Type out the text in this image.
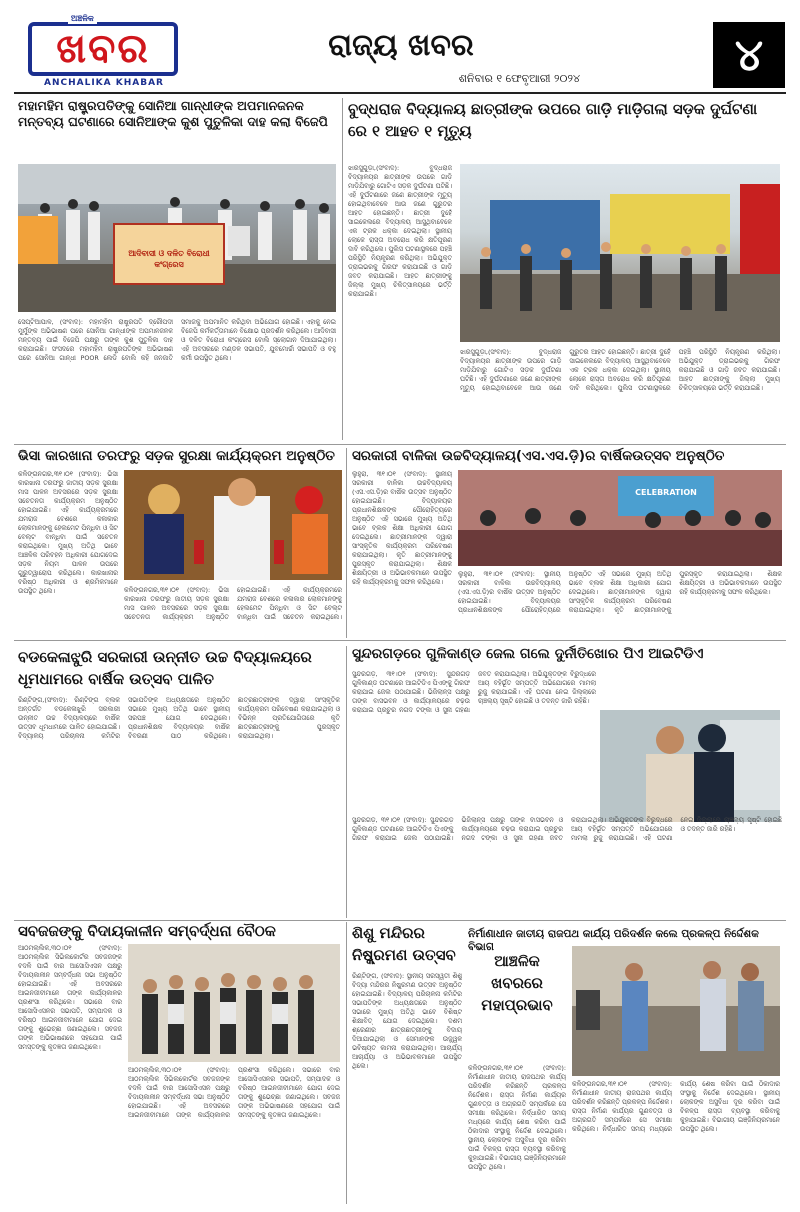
ଖବର
ଅଞ୍ଚଳିକ
ANCHALIKA KHABAR
ରାଜ୍ୟ ଖବର
ଶନିବାର ୧ ଫେବୃଆରୀ ୨୦୨୪	୪
ମହାମହିମ ରାଷ୍ଟ୍ରପତିଙ୍କୁ ସୋନିଆ ଗାନ୍ଧୀଙ୍କ ଅପମାନଜନକ ମନ୍ତବ୍ୟ ଘଟଣାରେ ସୋନିଆଙ୍କ କୁଶ ପୁତୁଳିକା ଦାହ କଲା ବିଜେପି
ଆଦିବାସୀ ଓ ଦଳିତ ବିରୋଧୀ କଂଗ୍ରେସ
ସେପ୍ଟିଆପାଳ, (ସଂବାଦ): ମହାମହିମ ରାଷ୍ଟ୍ରପତି ଦ୍ରୌପଦୀ ମୁର୍ମୁଙ୍କ ଅଭିଭାଷଣ ପରେ ସୋନିଆ ଗାନ୍ଧୀଙ୍କ ଅପମାନଜନକ ମନ୍ତବ୍ୟ ପାଇଁ ବିଜେପି ପକ୍ଷରୁ ତାଙ୍କ କୁଶ ପୁତୁଳିକା ଦାହ କରାଯାଇଛି। ସଂସଦରେ ମହାମହିମ ରାଷ୍ଟ୍ରପତିଙ୍କ ଅଭିଭାଷଣ ପରେ ସୋନିଆ ଗାନ୍ଧୀ POOR ଲେଡି ବୋଲି କହି ଜନଜାତି ସମାଜକୁ ଅପମାନିତ କରିଥିବା ଅଭିଯୋଗ ହୋଇଛି। ଏହାକୁ ନେଇ ବିଜେପି କର୍ମକର୍ତ୍ତାମାନେ ବିକ୍ଷୋଭ ପ୍ରଦର୍ଶନ କରିଥିଲେ। ଆଦିବାସୀ ଓ ଦଳିତ ବିରୋଧୀ କଂଗ୍ରେସ ବୋଲି ସ୍ଲୋଗାନ ଦିଆଯାଇଥିଲା। ଏହି ଅବସରରେ ମଣ୍ଡଳ ସଭାପତି, ଯୁବମୋର୍ଚ୍ଚା ସଭାପତି ଓ ବହୁ କର୍ମୀ ଉପସ୍ଥିତ ଥିଲେ।
ବୁଦ୍ଧରାଜ ବିଦ୍ୟାଳୟ ଛାତ୍ରୀଙ୍କ ଉପରେ ଗାଡ଼ି ମାଡ଼ିଗଲା ସଡ଼କ ଦୁର୍ଘଟଣା ରେ ୧ ଆହତ ୧ ମୃତ୍ୟୁ
ଝାରସୁଗୁଡ଼ା,(ସଂବାଦ): ବୁଦ୍ଧରାଜ ବିଦ୍ୟାଳୟର ଛାତ୍ରୀଙ୍କ ଉପରେ ଗାଡ଼ି ମାଡ଼ିଯିବାରୁ ଗୋଟିଏ ସଡ଼କ ଦୁର୍ଘଟଣା ଘଟିଛି। ଏହି ଦୁର୍ଘଟଣାରେ ଜଣେ ଛାତ୍ରୀଙ୍କ ମୃତ୍ୟୁ ହୋଇଥିବାବେଳେ ଆଉ ଜଣେ ଗୁରୁତର ଆହତ ହୋଇଛନ୍ତି। ଛାତ୍ରୀ ଦୁହେଁ ସାଇକେଲରେ ବିଦ୍ୟାଳୟ ଆସୁଥିବାବେଳେ ଏକ ଟ୍ରକ ଧକ୍କା ଦେଇଥିଲା। ସ୍ଥାନୀୟ ଲୋକେ ରାସ୍ତା ଅବରୋଧ କରି କ୍ଷତିପୂରଣ ଦାବି କରିଥିଲେ। ପୁଲିସ ଘଟଣାସ୍ଥଳରେ ପହଞ୍ଚି ପରିସ୍ଥିତି ନିୟନ୍ତ୍ରଣ କରିଥିଲା। ଅଭିଯୁକ୍ତ ଡ୍ରାଇଭରକୁ ଗିରଫ କରାଯାଇଛି ଓ ଗାଡ଼ି ଜବତ କରାଯାଇଛି। ଆହତ ଛାତ୍ରୀଙ୍କୁ ଜିଲ୍ଲା ମୁଖ୍ୟ ଚିକିତ୍ସାଳୟରେ ଭର୍ତ୍ତି କରାଯାଇଛି।
ଝାରସୁଗୁଡ଼ା,(ସଂବାଦ): ବୁଦ୍ଧରାଜ ବିଦ୍ୟାଳୟର ଛାତ୍ରୀଙ୍କ ଉପରେ ଗାଡ଼ି ମାଡ଼ିଯିବାରୁ ଗୋଟିଏ ସଡ଼କ ଦୁର୍ଘଟଣା ଘଟିଛି। ଏହି ଦୁର୍ଘଟଣାରେ ଜଣେ ଛାତ୍ରୀଙ୍କ ମୃତ୍ୟୁ ହୋଇଥିବାବେଳେ ଆଉ ଜଣେ ଗୁରୁତର ଆହତ ହୋଇଛନ୍ତି। ଛାତ୍ରୀ ଦୁହେଁ ସାଇକେଲରେ ବିଦ୍ୟାଳୟ ଆସୁଥିବାବେଳେ ଏକ ଟ୍ରକ ଧକ୍କା ଦେଇଥିଲା। ସ୍ଥାନୀୟ ଲୋକେ ରାସ୍ତା ଅବରୋଧ କରି କ୍ଷତିପୂରଣ ଦାବି କରିଥିଲେ। ପୁଲିସ ଘଟଣାସ୍ଥଳରେ ପହଞ୍ଚି ପରିସ୍ଥିତି ନିୟନ୍ତ୍ରଣ କରିଥିଲା। ଅଭିଯୁକ୍ତ ଡ୍ରାଇଭରକୁ ଗିରଫ କରାଯାଇଛି ଓ ଗାଡ଼ି ଜବତ କରାଯାଇଛି। ଆହତ ଛାତ୍ରୀଙ୍କୁ ଜିଲ୍ଲା ମୁଖ୍ୟ ଚିକିତ୍ସାଳୟରେ ଭର୍ତ୍ତି କରାଯାଇଛି।
ଭିସା କାରଖାନା ତରଫରୁ ସଡ଼କ ସୁରକ୍ଷା କାର୍ଯ୍ୟକ୍ରମ ଅନୁଷ୍ଠିତ
କଳିଙ୍ଗନଗର,୩୧।୦୧ (ସଂବାଦ): ଭିସା କାରଖାନା ତରଫରୁ ଜାତୀୟ ସଡ଼କ ସୁରକ୍ଷା ମାସ ପାଳନ ଅବସରରେ ସଡ଼କ ସୁରକ୍ଷା ସଚେତନତା କାର୍ଯ୍ୟକ୍ରମ ଅନୁଷ୍ଠିତ ହୋଇଯାଇଛି। ଏହି କାର୍ଯ୍ୟକ୍ରମରେ ଯମରାଜ ବେଶରେ କଳାକାର ଲୋକମାନଙ୍କୁ ହେଲମେଟ ପିନ୍ଧିବା ଓ ସିଟ ବେଲ୍ଟ ବାନ୍ଧିବା ପାଇଁ ସଚେତନ କରାଇଥିଲେ। ମୁଖ୍ୟ ଅତିଥି ଭାବେ ଆଞ୍ଚଳିକ ପରିବହନ ଅଧିକାରୀ ଯୋଗଦେଇ ସଡ଼କ ନିୟମ ପାଳନ ଉପରେ ଗୁରୁତ୍ୱାରୋପ କରିଥିଲେ। କାରଖାନାର ବରିଷ୍ଠ ଅଧିକାରୀ ଓ ଶ୍ରମିକମାନେ ଉପସ୍ଥିତ ଥିଲେ।	କଳିଙ୍ଗନଗର,୩୧।୦୧ (ସଂବାଦ): ଭିସା କାରଖାନା ତରଫରୁ ଜାତୀୟ ସଡ଼କ ସୁରକ୍ଷା ମାସ ପାଳନ ଅବସରରେ ସଡ଼କ ସୁରକ୍ଷା ସଚେତନତା କାର୍ଯ୍ୟକ୍ରମ ଅନୁଷ୍ଠିତ ହୋଇଯାଇଛି। ଏହି କାର୍ଯ୍ୟକ୍ରମରେ ଯମରାଜ ବେଶରେ କଳାକାର ଲୋକମାନଙ୍କୁ ହେଲମେଟ ପିନ୍ଧିବା ଓ ସିଟ ବେଲ୍ଟ ବାନ୍ଧିବା ପାଇଁ ସଚେତନ କରାଇଥିଲେ।
ସରକାରୀ ବାଳିକା ଉଚ୍ଚବିଦ୍ୟାଳୟ(ଏସ.ଏସ.ଡ଼ି)ର ବାର୍ଷିକଉତ୍ସବ ଅନୁଷ୍ଠିତ
ଲୁହୁରା, ୩୧।୦୧ (ସଂବାଦ): ସ୍ଥାନୀୟ ସରକାରୀ ବାଳିକା ଉଚ୍ଚବିଦ୍ୟାଳୟ (ଏସ.ଏସ.ଡ଼ି)ର ବାର୍ଷିକ ଉତ୍ସବ ଅନୁଷ୍ଠିତ ହୋଇଯାଇଛି। ବିଦ୍ୟାଳୟର ପ୍ରଧାନଶିକ୍ଷକଙ୍କ ପୌରୋହିତ୍ୟରେ ଅନୁଷ୍ଠିତ ଏହି ସଭାରେ ମୁଖ୍ୟ ଅତିଥି ଭାବେ ବ୍ଲକ ଶିକ୍ଷା ଅଧିକାରୀ ଯୋଗ ଦେଇଥିଲେ। ଛାତ୍ରୀମାନଙ୍କ ଦ୍ୱାରା ସାଂସ୍କୃତିକ କାର୍ଯ୍ୟକ୍ରମ ପରିବେଷଣ କରାଯାଇଥିଲା। କୃତି ଛାତ୍ରୀମାନଙ୍କୁ ପୁରସ୍କୃତ କରାଯାଇଥିଲା। ଶିକ୍ଷକ ଶିକ୍ଷୟିତ୍ରୀ ଓ ଅଭିଭାବକମାନେ ଉପସ୍ଥିତ ରହି କାର୍ଯ୍ୟକ୍ରମକୁ ସଫଳ କରିଥିଲେ।
CELEBRATION
ଲୁହୁରା, ୩୧।୦୧ (ସଂବାଦ): ସ୍ଥାନୀୟ ସରକାରୀ ବାଳିକା ଉଚ୍ଚବିଦ୍ୟାଳୟ (ଏସ.ଏସ.ଡ଼ି)ର ବାର୍ଷିକ ଉତ୍ସବ ଅନୁଷ୍ଠିତ ହୋଇଯାଇଛି। ବିଦ୍ୟାଳୟର ପ୍ରଧାନଶିକ୍ଷକଙ୍କ ପୌରୋହିତ୍ୟରେ ଅନୁଷ୍ଠିତ ଏହି ସଭାରେ ମୁଖ୍ୟ ଅତିଥି ଭାବେ ବ୍ଲକ ଶିକ୍ଷା ଅଧିକାରୀ ଯୋଗ ଦେଇଥିଲେ। ଛାତ୍ରୀମାନଙ୍କ ଦ୍ୱାରା ସାଂସ୍କୃତିକ କାର୍ଯ୍ୟକ୍ରମ ପରିବେଷଣ କରାଯାଇଥିଲା। କୃତି ଛାତ୍ରୀମାନଙ୍କୁ ପୁରସ୍କୃତ କରାଯାଇଥିଲା। ଶିକ୍ଷକ ଶିକ୍ଷୟିତ୍ରୀ ଓ ଅଭିଭାବକମାନେ ଉପସ୍ଥିତ ରହି କାର୍ଯ୍ୟକ୍ରମକୁ ସଫଳ କରିଥିଲେ।
ବଡକେଳାଝୁରି ସରକାରୀ ଉନ୍ନୀତ ଉଚ୍ଚ ବିଦ୍ୟାଳୟରେ ଧୂମଧାମରେ ବାର୍ଷିକ ଉତ୍ସବ ପାଳିତ
ରିଣ୍ଟିଙ୍ଗ,(ସଂବାଦ): ରିଣ୍ଟିଙ୍ଗ ବ୍ଲକ ଅନ୍ତର୍ଗତ ବଡକେଳାଝୁରି ସରକାରୀ ଉନ୍ନୀତ ଉଚ୍ଚ ବିଦ୍ୟାଳୟରେ ବାର୍ଷିକ ଉତ୍ସବ ଧୂମଧାମରେ ପାଳିତ ହୋଇଯାଇଛି। ବିଦ୍ୟାଳୟ ପରିଚାଳନା କମିଟିର ସଭାପତିଙ୍କ ଅଧ୍ୟକ୍ଷତାରେ ଅନୁଷ୍ଠିତ ସଭାରେ ମୁଖ୍ୟ ଅତିଥି ଭାବେ ସ୍ଥାନୀୟ ସରପଞ୍ଚ ଯୋଗ ଦେଇଥିଲେ। ପ୍ରଧାନଶିକ୍ଷକ ବିଦ୍ୟାଳୟର ବାର୍ଷିକ ବିବରଣୀ ପାଠ କରିଥିଲେ। ଛାତ୍ରଛାତ୍ରୀଙ୍କ ଦ୍ୱାରା ସାଂସ୍କୃତିକ କାର୍ଯ୍ୟକ୍ରମ ପରିବେଷଣ କରାଯାଇଥିଲା ଓ ବିଭିନ୍ନ ପ୍ରତିଯୋଗିତାରେ କୃତି ଛାତ୍ରଛାତ୍ରୀଙ୍କୁ ପୁରସ୍କୃତ କରାଯାଇଥିଲା।
ସୁନ୍ଦରଗଡ଼ରେ ଗୁଳିକାଣ୍ଡ ଜେଲ ଗଲେ ଦୁର୍ନୀତିଖୋର ପିଏ ଆଇଟିଡିଏ
ସୁନ୍ଦରଗଡ଼, ୩୧।୦୧ (ସଂବାଦ): ସୁନ୍ଦରଗଡ଼ ଗୁଳିକାଣ୍ଡ ଘଟଣାରେ ଆଇଟିଡିଏ ପିଏଙ୍କୁ ଗିରଫ କରାଯାଇ ଜେଲ ପଠାଯାଇଛି। ଭିଜିଲାନ୍ସ ପକ୍ଷରୁ ତାଙ୍କ ବାସଭବନ ଓ କାର୍ଯ୍ୟାଳୟରେ ଚଢ଼ଉ କରାଯାଇ ପ୍ରଚୁର ନଗଦ ଟଙ୍କା ଓ ସୁନା ଗହଣା ଜବତ କରାଯାଇଥିଲା। ଅଭିଯୁକ୍ତଙ୍କ ବିରୁଦ୍ଧରେ ଆୟ ବହିର୍ଭୂତ ସମ୍ପତ୍ତି ଅଭିଯୋଗରେ ମାମଲା ରୁଜୁ କରାଯାଇଛି। ଏହି ଘଟଣା ନେଇ ଜିଲ୍ଲାରେ ଚାଞ୍ଚଲ୍ୟ ସୃଷ୍ଟି ହୋଇଛି ଓ ତଦନ୍ତ ଜାରି ରହିଛି।
ସୁନ୍ଦରଗଡ଼, ୩୧।୦୧ (ସଂବାଦ): ସୁନ୍ଦରଗଡ଼ ଗୁଳିକାଣ୍ଡ ଘଟଣାରେ ଆଇଟିଡିଏ ପିଏଙ୍କୁ ଗିରଫ କରାଯାଇ ଜେଲ ପଠାଯାଇଛି। ଭିଜିଲାନ୍ସ ପକ୍ଷରୁ ତାଙ୍କ ବାସଭବନ ଓ କାର୍ଯ୍ୟାଳୟରେ ଚଢ଼ଉ କରାଯାଇ ପ୍ରଚୁର ନଗଦ ଟଙ୍କା ଓ ସୁନା ଗହଣା ଜବତ କରାଯାଇଥିଲା। ଅଭିଯୁକ୍ତଙ୍କ ବିରୁଦ୍ଧରେ ଆୟ ବହିର୍ଭୂତ ସମ୍ପତ୍ତି ଅଭିଯୋଗରେ ମାମଲା ରୁଜୁ କରାଯାଇଛି। ଏହି ଘଟଣା ନେଇ ଜିଲ୍ଲାରେ ଚାଞ୍ଚଲ୍ୟ ସୃଷ୍ଟି ହୋଇଛି ଓ ତଦନ୍ତ ଜାରି ରହିଛି।
ସବଜଜଙ୍କୁ ବିଦାୟକାଳୀନ ସମ୍ବର୍ଦ୍ଧନା ବୈଠକ
ଆଠମଲ୍ଲିକ,୩୦।୦୧ (ସଂବାଦ): ଆଠମଲ୍ଲିକ ସିଭିଲକୋର୍ଟର ସବଜଜଙ୍କ ବଦଳି ପାଇଁ ବାର ଆସୋସିଏସନ ପକ୍ଷରୁ ବିଦାୟକାଳୀନ ସମ୍ବର୍ଦ୍ଧନା ସଭା ଅନୁଷ୍ଠିତ ହୋଇଯାଇଛି। ଏହି ଅବସରରେ ଆଇନଜୀବୀମାନେ ତାଙ୍କ କାର୍ଯ୍ୟକାଳର ପ୍ରଶଂସା କରିଥିଲେ। ସଭାରେ ବାର ଆସୋସିଏସନର ସଭାପତି, ସମ୍ପାଦକ ଓ ବରିଷ୍ଠ ଆଇନଜୀବୀମାନେ ଯୋଗ ଦେଇ ତାଙ୍କୁ ଶୁଭେଚ୍ଛା ଜଣାଇଥିଲେ। ସବଜଜ ତାଙ୍କ ଅଭିଭାଷଣରେ ସହଯୋଗ ପାଇଁ ସମସ୍ତଙ୍କୁ କୃତଜ୍ଞତା ଜଣାଇଥିଲେ।
ଆଠମଲ୍ଲିକ,୩୦।୦୧ (ସଂବାଦ): ଆଠମଲ୍ଲିକ ସିଭିଲକୋର୍ଟର ସବଜଜଙ୍କ ବଦଳି ପାଇଁ ବାର ଆସୋସିଏସନ ପକ୍ଷରୁ ବିଦାୟକାଳୀନ ସମ୍ବର୍ଦ୍ଧନା ସଭା ଅନୁଷ୍ଠିତ ହୋଇଯାଇଛି। ଏହି ଅବସରରେ ଆଇନଜୀବୀମାନେ ତାଙ୍କ କାର୍ଯ୍ୟକାଳର ପ୍ରଶଂସା କରିଥିଲେ। ସଭାରେ ବାର ଆସୋସିଏସନର ସଭାପତି, ସମ୍ପାଦକ ଓ ବରିଷ୍ଠ ଆଇନଜୀବୀମାନେ ଯୋଗ ଦେଇ ତାଙ୍କୁ ଶୁଭେଚ୍ଛା ଜଣାଇଥିଲେ। ସବଜଜ ତାଙ୍କ ଅଭିଭାଷଣରେ ସହଯୋଗ ପାଇଁ ସମସ୍ତଙ୍କୁ କୃତଜ୍ଞତା ଜଣାଇଥିଲେ।
ଶିଶୁ ମନ୍ଦିରର ନିଷ୍କ୍ରମଣ ଉତ୍ସବ
ରିଣ୍ଟିଙ୍ଗ, (ସଂବାଦ): ସ୍ଥାନୀୟ ସରସ୍ୱତୀ ଶିଶୁ ବିଦ୍ୟା ମନ୍ଦିରର ନିଷ୍କ୍ରମଣ ଉତ୍ସବ ଅନୁଷ୍ଠିତ ହୋଇଯାଇଛି। ବିଦ୍ୟାଳୟ ପରିଚାଳନା କମିଟିର ସଭାପତିଙ୍କ ଅଧ୍ୟକ୍ଷତାରେ ଅନୁଷ୍ଠିତ ସଭାରେ ମୁଖ୍ୟ ଅତିଥି ଭାବେ ବିଶିଷ୍ଟ ଶିକ୍ଷାବିତ୍ ଯୋଗ ଦେଇଥିଲେ। ଦଶମ ଶ୍ରେଣୀର ଛାତ୍ରଛାତ୍ରୀଙ୍କୁ ବିଦାୟ ଦିଆଯାଇଥିଲା ଓ ସେମାନଙ୍କ ଉଜ୍ଜ୍ୱଳ ଭବିଷ୍ୟତ କାମନା କରାଯାଇଥିଲା। ଆଚାର୍ଯ୍ୟ ଆଚାର୍ଯ୍ୟା ଓ ଅଭିଭାବକମାନେ ଉପସ୍ଥିତ ଥିଲେ।
ନିର୍ମାଣାଧୀନ ଜାତୀୟ ରାଜପଥ କାର୍ଯ୍ୟ ପରିଦର୍ଶନ କଲେ ପ୍ରକଳ୍ପ ନିର୍ଦ୍ଦେଶକ ବିଭାଗ
ଆଞ୍ଚଳିକ
ଖବରରେ
ମହାପ୍ରଭାବ
କଳିଙ୍ଗନଗର,୩୧।୦୧ (ସଂବାଦ): ନିର୍ମାଣାଧୀନ ଜାତୀୟ ରାଜପଥର କାର୍ଯ୍ୟ ପରିଦର୍ଶନ କରିଛନ୍ତି ପ୍ରକଳ୍ପ ନିର୍ଦ୍ଦେଶକ। ରାସ୍ତା ନିର୍ମାଣ କାର୍ଯ୍ୟର ଗୁଣବତ୍ତା ଓ ଅଗ୍ରଗତି ସମ୍ପର୍କରେ ସେ ସମୀକ୍ଷା କରିଥିଲେ। ନିର୍ଦ୍ଧାରିତ ସମୟ ମଧ୍ୟରେ କାର୍ଯ୍ୟ ଶେଷ କରିବା ପାଇଁ ଠିକାଦାର ସଂସ୍ଥାକୁ ନିର୍ଦ୍ଦେଶ ଦେଇଥିଲେ। ସ୍ଥାନୀୟ ଲୋକଙ୍କ ଅସୁବିଧା ଦୂର କରିବା ପାଇଁ ବିକଳ୍ପ ରାସ୍ତା ବ୍ୟବସ୍ଥା କରିବାକୁ କୁହାଯାଇଛି। ବିଭାଗୀୟ ଇଞ୍ଜିନିୟରମାନେ ଉପସ୍ଥିତ ଥିଲେ।
କଳିଙ୍ଗନଗର,୩୧।୦୧ (ସଂବାଦ): ନିର୍ମାଣାଧୀନ ଜାତୀୟ ରାଜପଥର କାର୍ଯ୍ୟ ପରିଦର୍ଶନ କରିଛନ୍ତି ପ୍ରକଳ୍ପ ନିର୍ଦ୍ଦେଶକ। ରାସ୍ତା ନିର୍ମାଣ କାର୍ଯ୍ୟର ଗୁଣବତ୍ତା ଓ ଅଗ୍ରଗତି ସମ୍ପର୍କରେ ସେ ସମୀକ୍ଷା କରିଥିଲେ। ନିର୍ଦ୍ଧାରିତ ସମୟ ମଧ୍ୟରେ କାର୍ଯ୍ୟ ଶେଷ କରିବା ପାଇଁ ଠିକାଦାର ସଂସ୍ଥାକୁ ନିର୍ଦ୍ଦେଶ ଦେଇଥିଲେ। ସ୍ଥାନୀୟ ଲୋକଙ୍କ ଅସୁବିଧା ଦୂର କରିବା ପାଇଁ ବିକଳ୍ପ ରାସ୍ତା ବ୍ୟବସ୍ଥା କରିବାକୁ କୁହାଯାଇଛି। ବିଭାଗୀୟ ଇଞ୍ଜିନିୟରମାନେ ଉପସ୍ଥିତ ଥିଲେ।
